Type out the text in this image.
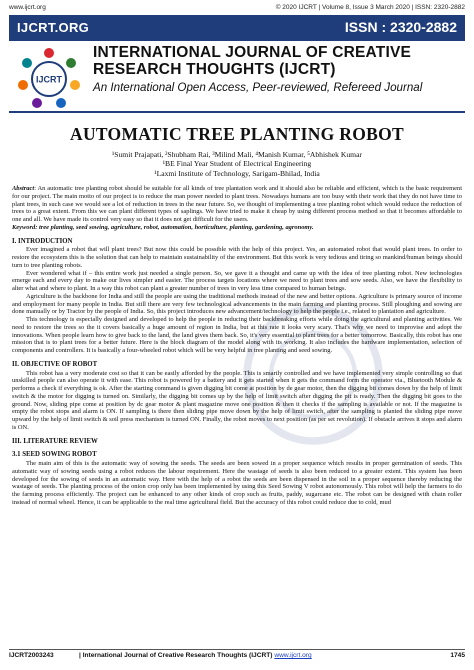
www.ijcrt.org	© 2020 IJCRT | Volume 8, Issue 3 March 2020 | ISSN: 2320-2882
IJCRT.ORG	ISSN : 2320-2882
IJCRT
INTERNATIONAL JOURNAL OF CREATIVE
RESEARCH THOUGHTS (IJCRT)
An International Open Access, Peer-reviewed, Refereed Journal
AUTOMATIC TREE PLANTING ROBOT
¹Sumit Prajapati, ²Shubham Rai, ³Milind Mali, ⁴Manish Kumar, ⁵Abhishek Kumar
¹BE Final Year Student of Electrical Engineering
¹Laxmi Institute of Technology, Sarigam-Bhilad, India

Abstract: An automatic tree planting robot should be suitable for all kinds of tree plantation work and it should also be reliable and efficient, which is the basic requirement for our project. The main motto of our project is to reduce the man power needed to plant trees. Nowadays humans are too busy with their work that they do not have time to plant trees, in such case we would see a lot of reduction in trees in the near future. So, we thought of implementing a tree planting robot which would reduce the reduction of trees to a great extent. From this we can plant different types of saplings. We have tried to make it cheap by using different process method so that it becomes affordable to one and all. We have made its control very easy so that it does not get difficult for the users.

Keyword: tree planting, seed sowing, agriculture, robot, automation, horticulture, planting, gardening, agronomy.

I. INTRODUCTION

Ever imagined a robot that will plant trees? But now this could be possible with the help of this project. Yes, an automated robot that would plant trees. In order to restore the ecosystem this is the solution that can help to maintain sustainability of the environment. But this work is very tedious and tiring so mankind/human beings should turn to tree planting robots.

Ever wondered what if – this entire work just needed a single person. So, we gave it a thought and came up with the idea of tree planting robot. New technologies emerge each and every day to make our lives simpler and easier. The process targets locations where we need to plant trees and sow seeds. Also, we have the flexibility to alter what and where to plant. In a way this robot can plant a greater number of trees in very less time compared to human beings.

Agriculture is the backbone for India and still the people are using the traditional methods instead of the new and better options. Agriculture is primary source of income and employment for many people in India. But still there are very few technological advancements in the main farming and planting process. Still ploughing and sowing are done manually or by Tractor by the people of India. So, this project introduces new advancement/technology to help the people i.e., related to plantation and agriculture.

This technology is especially designed and developed to help the people in reducing their backbreaking efforts while doing the agricultural and planting activities. We need to restore the trees so the it covers basically a huge amount of region in India, but at this rate it looks very scary. That's why we need to improvise and adopt the innovations. When people learn how to give back to the land, the land gives them back. So, it's very essential to plant trees for a better tomorrow. Basically, this robot has one mission that is to plant trees for a better future. Here is the block diagram of the model along with its working. It also includes the hardware implementation, selection of components and controllers. It is basically a four-wheeled robot which will be very helpful in tree planting and seed sowing.

II. OBJECTIVE OF ROBOT

This robot has a very moderate cost so that it can be easily afforded by the people. This is smartly controlled and we have implemented very simple controlling so that unskilled people can also operate it with ease. This robot is powered by a battery and it gets started when it gets the command form the operator via., Bluetooth Module & performs a check if everything is ok. After the starting command is given digging bit come at position by de gear motor, then the digging bit comes down by the help of limit switch & the motor for digging is turned on. Similarly, the digging bit comes up by the help of limit switch after digging the pit is ready. Then the digging bit goes to the ground. Now, sliding pipe come at position by dc gear motor & plant magazine move one position & then it checks if the sampling is available or not. If the magazine is empty the robot stops and alarm is ON. If sampling is there then sliding pipe move down by the help of limit switch, after the sampling is planted the sliding pipe move upward by the help of limit switch & soil press mechanism is turned ON. Finally, the robot moves to next position (as per set revolution). If obstacle arrives it stops and alarm is ON.

III. LITERATURE REVIEW
3.1 SEED SOWING ROBOT

The main aim of this is the automatic way of sowing the seeds. The seeds are been sowed in a proper sequence which results in proper germination of seeds. This automatic way of sowing seeds using a robot reduces the labour requirement. Here the wastage of seeds is also been reduced to a greater extent. This system has been developed for the sowing of seeds in an automatic way. Here with the help of a robot the seeds are been dispensed in the soil in a proper sequence thereby reducing the wastage of seeds. The planting process of the onion crop only has been implemented by using this Seed Sowing V robot autonomously. This robot will help the farmers to do the farming process efficiently. The project can be enhanced to any other kinds of crop such as fruits, paddy, sugarcane etc. The robot can be designed with chain roller instead of normal wheel. Hence, it can be applicable to the real time agricultural field. But the accuracy of this robot could reduce due to cold, mud

IJCRT2003243	| International Journal of Creative Research Thoughts (IJCRT) www.ijcrt.org	1745
